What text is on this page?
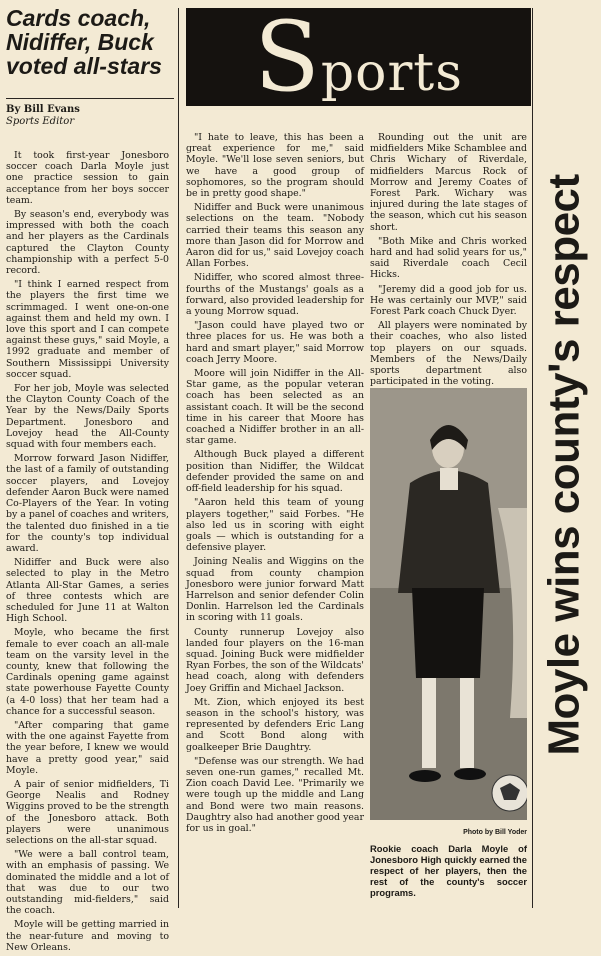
Cards coach, Nidiffer, Buck voted all-stars
By Bill Evans
Sports Editor
Sports

It took first-year Jonesboro soccer coach Darla Moyle just one practice session to gain acceptance from her boys soccer team.

By season's end, everybody was impressed with both the coach and her players as the Cardinals captured the Clayton County championship with a perfect 5-0 record.

"I think I earned respect from the players the first time we scrimmaged. I went one-on-one against them and held my own. I love this sport and I can compete against these guys," said Moyle, a 1992 graduate and member of Southern Mississippi University soccer squad.

For her job, Moyle was selected the Clayton County Coach of the Year by the News/Daily Sports Department. Jonesboro and Lovejoy head the All-County squad with four members each.

Morrow forward Jason Nidiffer, the last of a family of outstanding soccer players, and Lovejoy defender Aaron Buck were named Co-Players of the Year. In voting by a panel of coaches and writers, the talented duo finished in a tie for the county's top individual award.

Nidiffer and Buck were also selected to play in the Metro Atlanta All-Star Games, a series of three contests which are scheduled for June 11 at Walton High School.

Moyle, who became the first female to ever coach an all-male team on the varsity level in the county, knew that following the Cardinals opening game against state powerhouse Fayette County (a 4-0 loss) that her team had a chance for a successful season.

"After comparing that game with the one against Fayette from the year before, I knew we would have a pretty good year," said Moyle.

A pair of senior midfielders, Ti George Nealis and Rodney Wiggins proved to be the strength of the Jonesboro attack. Both players were unanimous selections on the all-star squad.

"We were a ball control team, with an emphasis of passing. We dominated the middle and a lot of that was due to our two outstanding mid-fielders," said the coach.

Moyle will be getting married in the near-future and moving to New Orleans.

"I hate to leave, this has been a great experience for me," said Moyle. "We'll lose seven seniors, but we have a good group of sophomores, so the program should be in pretty good shape."

Nidiffer and Buck were unanimous selections on the team. "Nobody carried their teams this season any more than Jason did for Morrow and Aaron did for us," said Lovejoy coach Allan Forbes.

Nidiffer, who scored almost three-fourths of the Mustangs' goals as a forward, also provided leadership for a young Morrow squad.

"Jason could have played two or three places for us. He was both a hard and smart player," said Morrow coach Jerry Moore.

Moore will join Nidiffer in the All-Star game, as the popular veteran coach has been selected as an assistant coach. It will be the second time in his career that Moore has coached a Nidiffer brother in an all-star game.

Although Buck played a different position than Nidiffer, the Wildcat defender provided the same on and off-field leadership for his squad.

"Aaron held this team of young players together," said Forbes. "He also led us in scoring with eight goals — which is outstanding for a defensive player.

Joining Nealis and Wiggins on the squad from county champion Jonesboro were junior forward Matt Harrelson and senior defender Colin Donlin. Harrelson led the Cardinals in scoring with 11 goals.

County runnerup Lovejoy also landed four players on the 16-man squad. Joining Buck were midfielder Ryan Forbes, the son of the Wildcats' head coach, along with defenders Joey Griffin and Michael Jackson.

Mt. Zion, which enjoyed its best season in the school's history, was represented by defenders Eric Lang and Scott Bond along with goalkeeper Brie Daughtry.

"Defense was our strength. We had seven one-run games," recalled Mt. Zion coach David Lee. "Primarily we were tough up the middle and Lang and Bond were two main reasons. Daughtry also had another good year for us in goal."

Rounding out the unit are midfielders Mike Schamblee and Chris Wichary of Riverdale, midfielders Marcus Rock of Morrow and Jeremy Coates of Forest Park. Wichary was injured during the late stages of the season, which cut his season short.

"Both Mike and Chris worked hard and had solid years for us," said Riverdale coach Cecil Hicks.

"Jeremy did a good job for us. He was certainly our MVP," said Forest Park coach Chuck Dyer.

All players were nominated by their coaches, who also listed top players on our squads. Members of the News/Daily sports department also participated in the voting.

Photo by Bill Yoder
Rookie coach Darla Moyle of Jonesboro High quickly earned the respect of her players, then the rest of the county's soccer programs.
Moyle wins county's respect
